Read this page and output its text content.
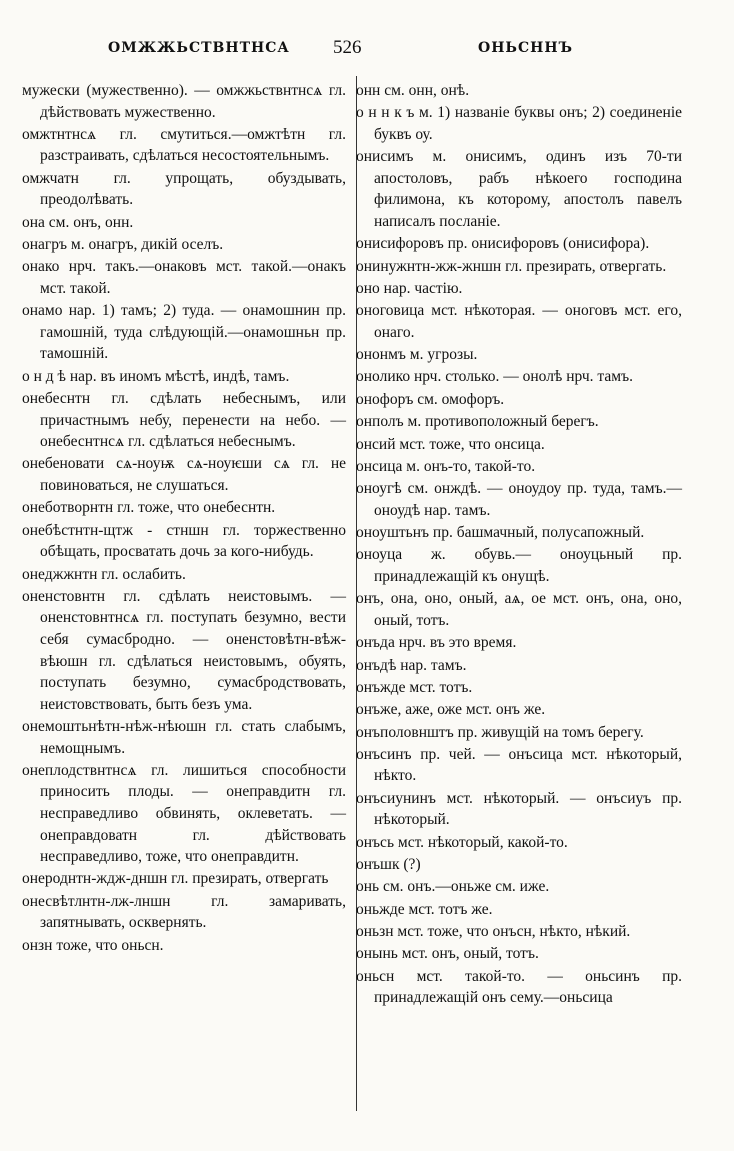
ОМЖЖЬСТВНТНСА 526	ОНЬСННЪ
мужески (мужественно). — омжжьствнтнсѧ гл. дѣйствовать мужественно.
омжтнтнсѧ гл. смутиться.—омжтѣтн гл. разстраивать, сдѣлаться несостоятельнымъ.
омжчатн гл. упрощать, обуздывать, преодолѣвать.
она см. онъ, онн.
онагръ м. онагръ, дикій оселъ.
онако нрч. такъ.—онаковъ мст. такой.—онакъ мст. такой.
онамо нар. 1) тамъ; 2) туда. — онамошнин пр. гамошній, туда слѣдующій.—онамошньн пр. тамошній.
о н д ѣ нар. въ иномъ мѣстѣ, индѣ, тамъ.
онебеснтн гл. сдѣлать небеснымъ, или причастнымъ небу, перенести на небо. — онебеснтнсѧ гл. сдѣлаться небеснымъ.
онебеновати сѧ-ноуѭ сѧ-ноуѥши сѧ гл. не повиноваться, не слушаться.
онеботворнтн гл. тоже, что онебеснтн.
онебѣстнтн-щтж - стншн гл. торжественно обѣщать, просватать дочь за кого-нибудь.
онеджжнтн гл. ослабить.
оненстовнтн гл. сдѣлать неистовымъ. —оненстовнтнсѧ гл. поступать безумно, вести себя сумасбродно. — оненстовѣтн-вѣж-вѣюшн гл. сдѣлаться неистовымъ, обуять, поступать безумно, сумасбродствовать, неистовствовать, быть безъ ума.
онемоштьнѣтн-нѣж-нѣюшн гл. стать слабымъ, немощнымъ.
онеплодствнтнсѧ гл. лишиться способности приносить плоды. — онеправдитн гл. несправедливо обвинять, оклеветать. — онеправдоватн гл. дѣйствовать несправедливо, тоже, что онеправдитн.
онероднтн-ждж-дншн гл. презирать, отвергать
онесвѣтлнтн-лж-лншн гл. замаривать, запятнывать, осквернять.
онзн тоже, что оньсн.
онн см. онн, онѣ.
о н н к ъ м. 1) названіе буквы онъ; 2) соединеніе буквъ оу.
онисимъ м. онисимъ, одинъ изъ 70-ти апостоловъ, рабъ нѣкоего господина филимона, къ которому, апостолъ павелъ написалъ посланіе.
онисифоровъ пр. онисифоровъ (онисифора).
онинужнтн-жж-жншн гл. презирать, отвергать.
оно нар. частію.
оноговица мст. нѣкоторая. — оноговъ мст. его, онаго.
ононмъ м. угрозы.
онолико нрч. столько. — онолѣ нрч. тамъ.
онофоръ см. омофоръ.
онполъ м. противоположный берегъ.
онсий мст. тоже, что онсица.
онсица м. онъ-то, такой-то.
оноугѣ см. онждѣ. — оноудоу пр. туда, тамъ.—оноудѣ нар. тамъ.
оноуштьнъ пр. башмачный, полусапожный.
оноуца ж. обувь.— оноуцьный пр. принадлежащій къ онущѣ.
онъ, она, оно, оный, аѧ, ое мст. онъ, она, оно, оный, тотъ.
онъда нрч. въ это время.
онъдѣ нар. тамъ.
онъжде мст. тотъ.
онъже, аже, оже мст. онъ же.
онъполовнштъ пр. живущій на томъ берегу.
онъсинъ пр. чей. — онъсица мст. нѣкоторый, нѣкто.
онъсиунинъ мст. нѣкоторый. — онъсиуъ пр. нѣкоторый.
онъсь мст. нѣкоторый, какой-то.
онъшк (?)
онь см. онъ.—оньже см. иже.
оньжде мст. тотъ же.
оньзн мст. тоже, что онъсн, нѣкто, нѣкий.
онынь мст. онъ, оный, тотъ.
оньсн мст. такой-то. — оньсинъ пр. принадлежащій онъ сему.—оньсица
